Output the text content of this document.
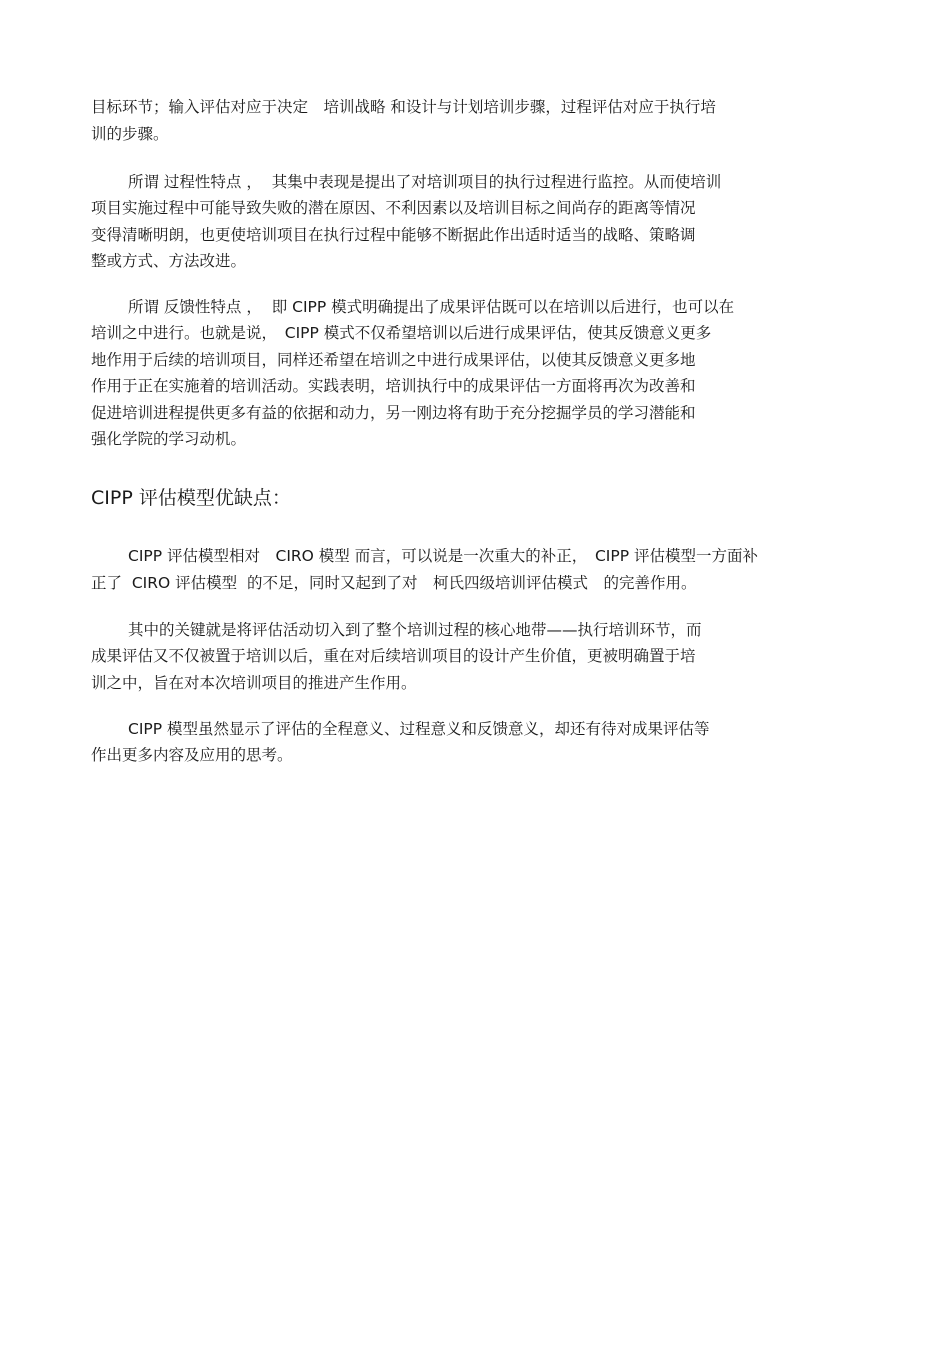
目标环节；输入评估对应于决定　培训战略 和设计与计划培训步骤，过程评估对应于执行培
训的步骤。
所谓 过程性特点 ，  其集中表现是提出了对培训项目的执行过程进行监控。从而使培训
项目实施过程中可能导致失败的潜在原因、不利因素以及培训目标之间尚存的距离等情况
变得清晰明朗，也更使培训项目在执行过程中能够不断据此作出适时适当的战略、策略调
整或方式、方法改进。
所谓 反馈性特点 ，  即 CIPP 模式明确提出了成果评估既可以在培训以后进行，也可以在
培训之中进行。也就是说，　CIPP 模式不仅希望培训以后进行成果评估，使其反馈意义更多
地作用于后续的培训项目，同样还希望在培训之中进行成果评估，以使其反馈意义更多地
作用于正在实施着的培训活动。实践表明，培训执行中的成果评估一方面将再次为改善和
促进培训进程提供更多有益的依据和动力，另一刚边将有助于充分挖掘学员的学习潜能和
强化学院的学习动机。
CIPP 评估模型优缺点：
CIPP 评估模型相对　CIRO 模型 而言，可以说是一次重大的补正，　CIPP 评估模型一方面补
正了  CIRO 评估模型  的不足，同时又起到了对　柯氏四级培训评估模式　的完善作用。
其中的关键就是将评估活动切入到了整个培训过程的核心地带——执行培训环节，而
成果评估又不仅被置于培训以后，重在对后续培训项目的设计产生价值，更被明确置于培
训之中，旨在对本次培训项目的推进产生作用。
CIPP 模型虽然显示了评估的全程意义、过程意义和反馈意义，却还有待对成果评估等
作出更多内容及应用的思考。
